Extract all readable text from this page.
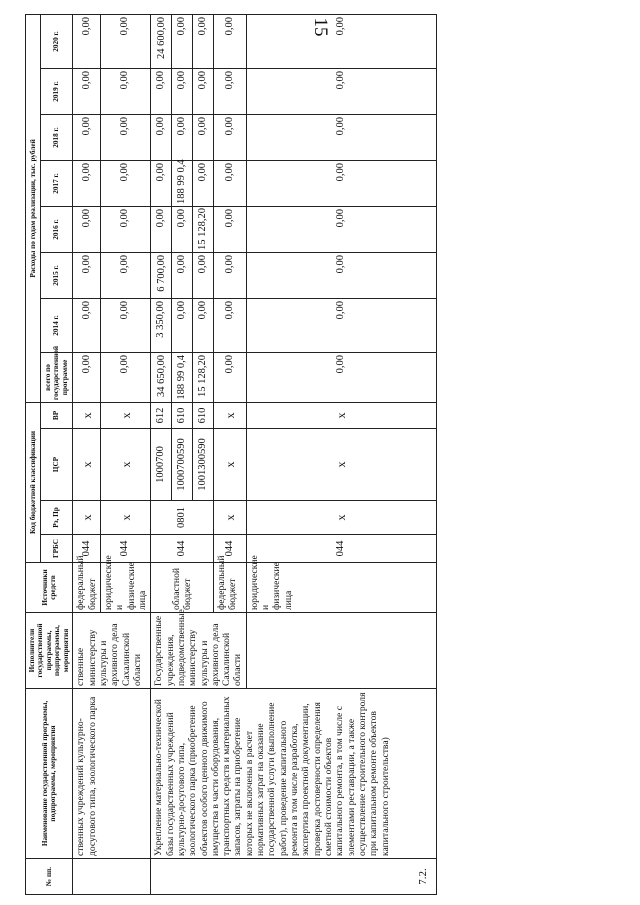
15
№ пп.	Наименование государственной программы, подпрограммы, мероприятия	Исполнители государственной программы, подпрограммы, мероприятия	Источники средств	Код бюджетной классификации				Расходы по годам реализации, тыс. рублей							
				ГРБС	Рз, Пр	ЦСР	ВР	всего по государственной программе	2014 г.	2015 г.	2016 г.	2017 г.	2018 г.	2019 г.	2020 г.
	ственных учреждений культурно-досугового типа, зоологического парка	ственные министерству культуры и архивного дела Сахалинской области	федеральный бюджет	044	х	х	х	0,00	0,00	0,00	0,00	0,00	0,00	0,00	0,00
			юридические и физические лица	044	х	х	х	0,00	0,00	0,00	0,00	0,00	0,00	0,00	0,00
7.2.	Укрепление материально-технической базы государственных учреждений культурно-досугового типа, зоологического парка (приобретение объектов особого ценного движимого имущества в части оборудования, транспортных средств и материальных запасов, затраты на приобретение которых не включены в расчет нормативных затрат на оказание государственной услуги (выполнение работ), проведение капитального ремонта в том числе разработка, экспертиза проектной документации, проверка достоверности определения сметной стоимости объектов капитального ремонта, в том числе с элементами реставрации, а также осуществление строительного контроля при капитальном ремонте объектов капитального строительства)	Государственные учреждения, подведомственные министерству культуры и архивного дела Сахалинской области	областной бюджет	044	0801	1000700	612	34 650,00	3 350,00	6 700,00	0,00	0,00	0,00	0,00	24 600,00
						1000700590	610	188 99 0,4	0,00	0,00	0,00	188 99 0,4	0,00	0,00	0,00
						1001300590	610	15 128,20	0,00	0,00	15 128,20	0,00	0,00	0,00	0,00
			федеральный бюджет	044	х	х	х	0,00	0,00	0,00	0,00	0,00	0,00	0,00	0,00
			юридические и физические лица	044	х	х	х	0,00	0,00	0,00	0,00	0,00	0,00	0,00	0,00
